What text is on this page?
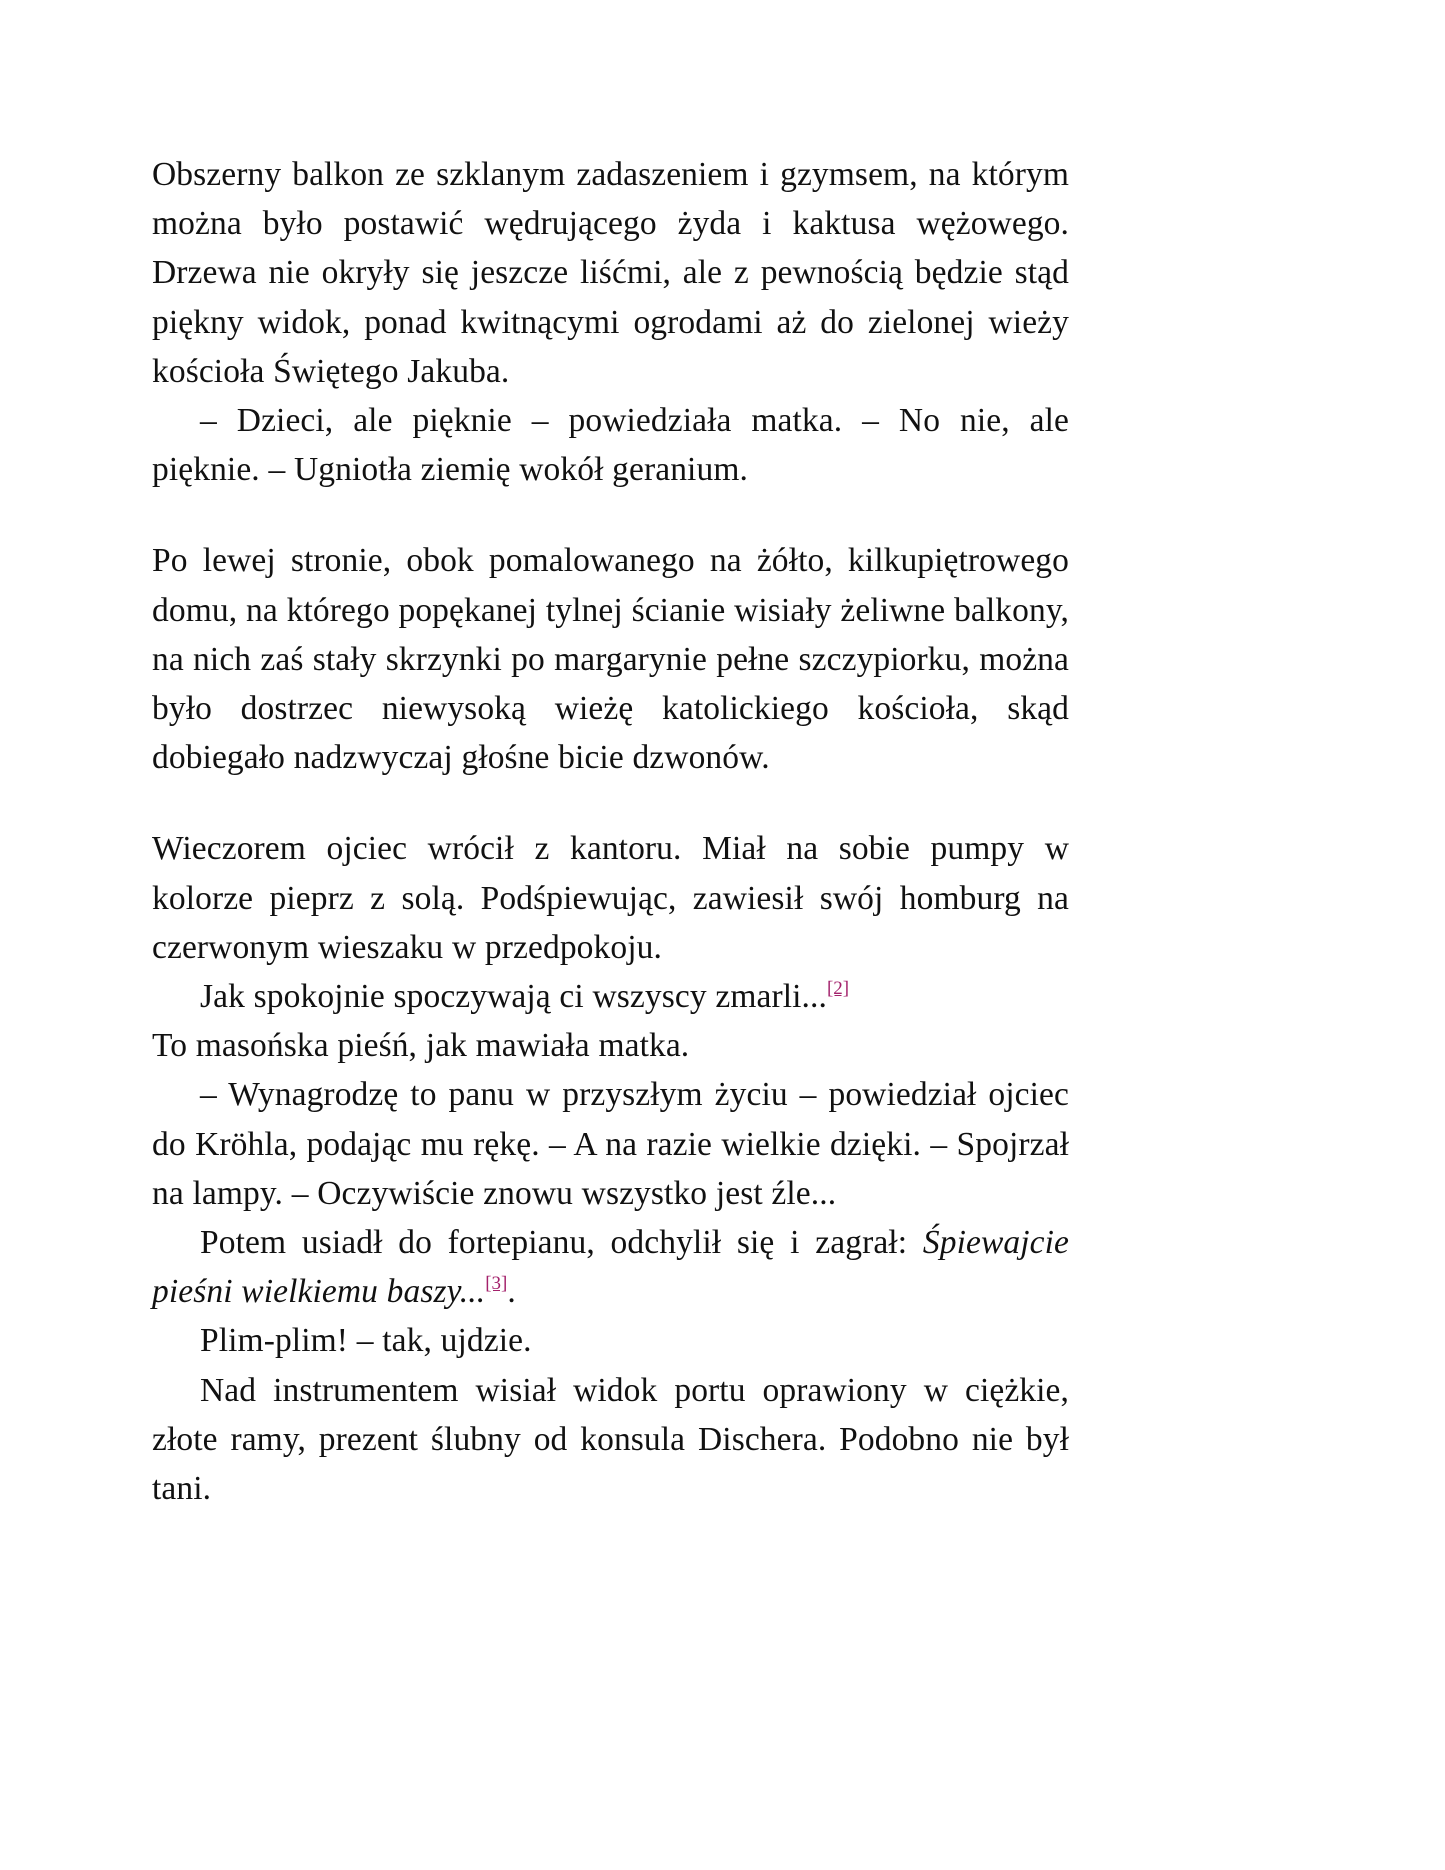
Obszerny balkon ze szklanym zadaszeniem i gzymsem, na którym można było postawić wędrującego żyda i kaktusa wężowego. Drzewa nie okryły się jeszcze liśćmi, ale z pewnością będzie stąd piękny widok, ponad kwitnącymi ogrodami aż do zielonej wieży kościoła Świętego Jakuba.

– Dzieci, ale pięknie – powiedziała matka. – No nie, ale pięknie. – Ugniotła ziemię wokół geranium.

Po lewej stronie, obok pomalowanego na żółto, kilkupiętrowego domu, na którego popękanej tylnej ścianie wisiały żeliwne balkony, na nich zaś stały skrzynki po margarynie pełne szczypiorku, można było dostrzec niewysoką wieżę katolickiego kościoła, skąd dobiegało nadzwyczaj głośne bicie dzwonów.

Wieczorem ojciec wrócił z kantoru. Miał na sobie pumpy w kolorze pieprz z solą. Podśpiewując, zawiesił swój homburg na czerwonym wieszaku w przedpokoju.

Jak spokojnie spoczywają ci wszyscy zmarli...[2]

To masońska pieśń, jak mawiała matka.

– Wynagrodzę to panu w przyszłym życiu – powiedział ojciec do Kröhla, podając mu rękę. – A na razie wielkie dzięki. – Spojrzał na lampy. – Oczywiście znowu wszystko jest źle...

Potem usiadł do fortepianu, odchylił się i zagrał: Śpiewajcie pieśni wielkiemu baszy...[3].

Plim-plim! – tak, ujdzie.

Nad instrumentem wisiał widok portu oprawiony w ciężkie, złote ramy, prezent ślubny od konsula Dischera. Podobno nie był tani.
